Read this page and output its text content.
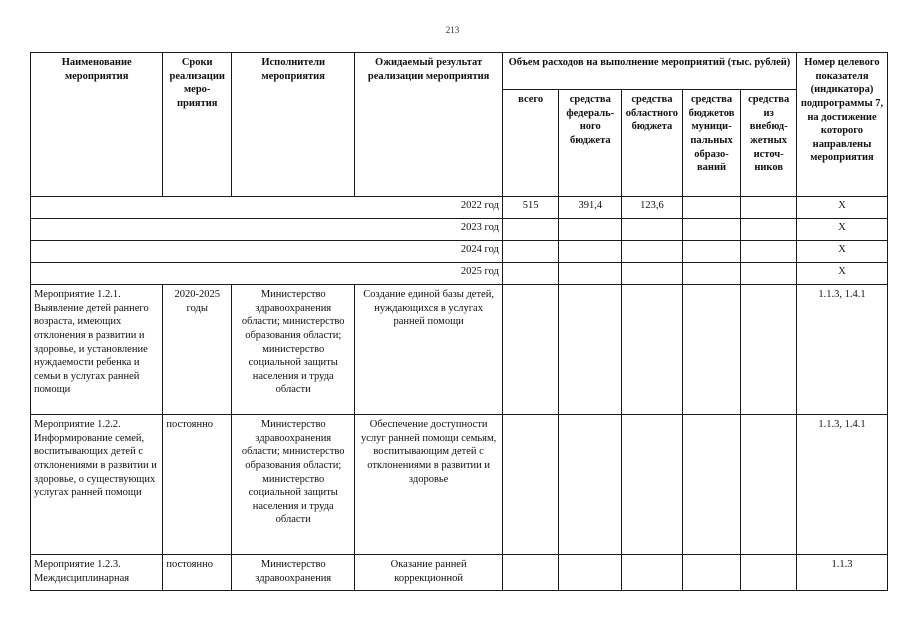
213
Наименование мероприятия	Сроки реализации меро-приятия	Исполнители мероприятия	Ожидаемый результат реализации мероприятия	Объем расходов на выполнение мероприятий (тыс. рублей)					Номер целевого показателя (индикатора) подпрограммы 7, на достижение которого направлены мероприятия
				всего	средства федераль-ного бюджета	средства областного бюджета	средства бюджетов муници-пальных образо-ваний	средства из внебюд-жетных источ-ников	
2022 год				515	391,4	123,6			X
2023 год									X
2024 год									X
2025 год									X
Мероприятие 1.2.1. Выявление детей раннего возраста, имеющих отклонения в развитии и здоровье, и установление нуждаемости ребенка и семьи в услугах ранней помощи	2020-2025 годы	Министерство здравоохранения области; министерство образования области; министерство социальной защиты населения и труда области	Создание единой базы детей, нуждающихся в услугах ранней помощи						1.1.3, 1.4.1
Мероприятие 1.2.2. Информирование семей, воспитывающих детей с отклонениями в развитии и здоровье, о существующих услугах ранней помощи	постоянно	Министерство здравоохранения области; министерство образования области; министерство социальной защиты населения и труда области	Обеспечение доступности услуг ранней помощи семьям, воспитывающим детей с отклонениями в развитии и здоровье						1.1.3, 1.4.1
Мероприятие 1.2.3. Междисциплинарная	постоянно	Министерство здравоохранения	Оказание ранней коррекционной						1.1.3
